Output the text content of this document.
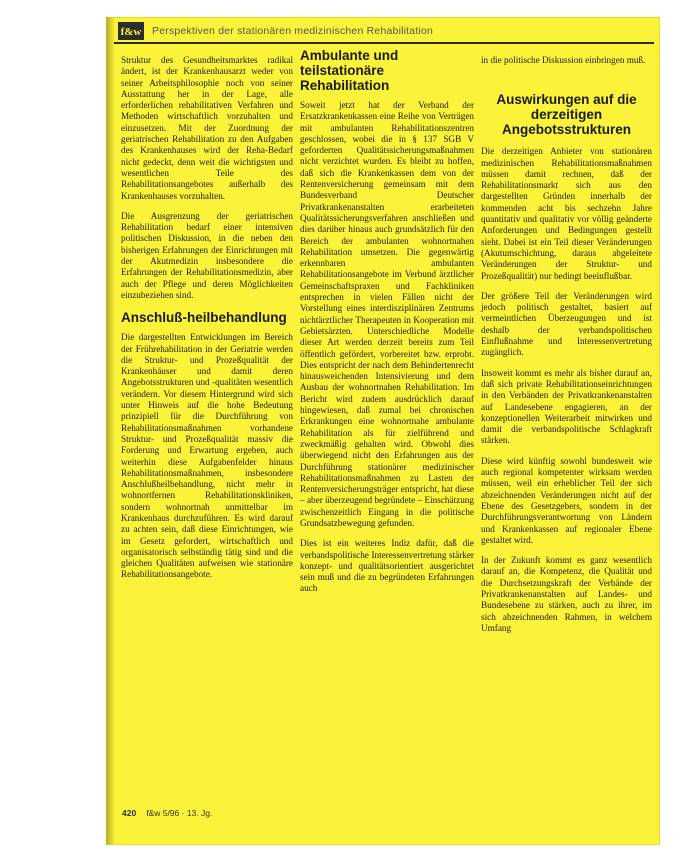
f&w Perspektiven der stationären medizinischen Rehabilitation

Struktur des Gesundheitsmarktes radikal ändert, ist der Krankenhausarzt weder von seiner Arbeitsphilosophie noch von seiner Ausstattung her in der Lage, alle erforderlichen rehabilitativen Verfahren und Methoden wirtschaftlich vorzuhalten und einzusetzen. Mit der Zuordnung der geriatrischen Rehabilitation zu den Aufgaben des Krankenhauses wird der Reha-Bedarf nicht gedeckt, denn weit die wichtigsten und wesentlichen Teile des Rehabilitationsangebotes außerhalb des Krankenhauses vorzuhalten.

Die Ausgrenzung der geriatrischen Rehabilitation bedarf einer intensiven politischen Diskussion, in die neben den bisherigen Erfahrungen der Einrichtungen mit der Akutmedizin insbesondere die Erfahrungen der Rehabilitationsmedizin, aber auch der Pflege und deren Möglichkeiten einzubeziehen sind.

Anschluß-heilbehandlung

Die dargestellten Entwicklungen im Bereich der Frührehabilitation in der Geriatrie werden die Struktur- und Prozeßqualität der Krankenhäuser und damit deren Angebotsstrukturen und -qualitäten wesentlich verändern. Vor diesem Hintergrund wird sich unter Hinweis auf die hohe Bedeutung prinzipiell für die Durchführung von Rehabilitationsmaßnahmen vorhandene Struktur- und Prozeßqualität massiv die Forderung und Erwartung ergeben, auch weiterhin diese Aufgabenfelder hinaus Rehabilitationsmaßnahmen, insbesondere Anschlußheilbehandlung, nicht mehr in wohnortfernen Rehabilitationskliniken, sondern wohnortnah unmittelbar im Krankenhaus durchzuführen. Es wird darauf zu achten sein, daß diese Einrichtungen, wie im Gesetz gefordert, wirtschaftlich und organisatorisch selbständig tätig sind und die gleichen Qualitäten aufweisen wie stationäre Rehabilitationsangebote.

Ambulante und teilstationäre Rehabilitation

Soweit jetzt hat der Verband der Ersatzkrankenkassen eine Reihe von Verträgen mit ambulanten Rehabilitationszentren geschlossen, wobei die in § 137 SGB V geforderten Qualitätssicherungsmaßnahmen nicht verzichtet wurden. Es bleibt zu hoffen, daß sich die Krankenkassen dem von der Rentenversicherung gemeinsam mit dem Bundesverband Deutscher Privatkrankenanstalten erarbeiteten Qualitätssicherungsverfahren anschließen und dies darüber hinaus auch grundsätzlich für den Bereich der ambulanten wohnortnahen Rehabilitation umsetzen. Die gegenwärtig erkennbaren ambulanten Rehabilitationsangebote im Verbund ärztlicher Gemeinschaftspraxen und Fachkliniken entsprechen in vielen Fällen nicht der Vorstellung eines interdisziplinären Zentrums nichtärztlicher Therapeuten in Kooperation mit Gebietsärzten. Unterschiedliche Modelle dieser Art werden derzeit bereits zum Teil öffentlich gefördert, vorbereitet bzw. erprobt. Dies entspricht der nach dem Behindertenrecht hinausweichenden Intensivierung und dem Ausbau der wohnortnahen Rehabilitation. Im Bericht wird zudem ausdrücklich darauf hingewiesen, daß zumal bei chronischen Erkrankungen eine wohnortnahe ambulante Rehabilitation als für zielführend und zweckmäßig gehalten wird. Obwohl dies überwiegend nicht den Erfahrungen aus der Durchführung stationärer medizinischer Rehabilitationsmaßnahmen zu Lasten der Rentenversicherungsträger entspricht, hat diese – aber überzeugend begründete – Einschätzung zwischenzeitlich Eingang in die politische Grundsatzbewegung gefunden.

Dies ist ein weiteres Indiz dafür, daß die verbandspolitische Interessenvertretung stärker konzept- und qualitätsorientiert ausgerichtet sein muß und die zu begründeten Erfahrungen auch

in die politische Diskussion einbringen muß.

Auswirkungen auf die derzeitigen Angebotsstrukturen

Die derzeitigen Anbieter von stationären medizinischen Rehabilitationsmaßnahmen müssen damit rechnen, daß der Rehabilitationsmarkt sich aus den dargestellten Gründen innerhalb der kommenden acht bis sechzehn Jahre quantitativ und qualitativ vor völlig geänderte Anforderungen und Bedingungen gestellt sieht. Dabei ist ein Teil dieser Veränderungen (Akutumschichtung, daraus abgeleitete Veränderungen der Struktur- und Prozeßqualität) nur bedingt beeinflußbar.

Der größere Teil der Veränderungen wird jedoch politisch gestaltet, basiert auf vermeintlichen Überzeugungen und ist deshalb der verbandspolitischen Einflußnahme und Interessenvertretung zugänglich.

Insoweit kommt es mehr als bisher darauf an, daß sich private Rehabilitationseinrichtungen in den Verbänden der Privatkrankenanstalten auf Landesebene engagieren, an der konzeptionellen Weiterarbeit mitwirken und damit die verbandspolitische Schlagkraft stärken.

Diese wird künftig sowohl bundesweit wie auch regional kompetenter wirksam werden müssen, weil ein erheblicher Teil der sich abzeichnenden Veränderungen nicht auf der Ebene des Gesetzgebers, sondern in der Durchführungsverantwortung von Ländern und Krankenkassen auf regionaler Ebene gestaltet wird.

In der Zukunft kommt es ganz wesentlich darauf an, die Kompetenz, die Qualität und die Durchsetzungskraft der Verbände der Privatkrankenanstalten auf Landes- und Bundesebene zu stärken, auch zu ihrer, im sich abzeichnenden Rahmen, in welchem Umfang

420 f&w 5/96 · 13. Jg.
